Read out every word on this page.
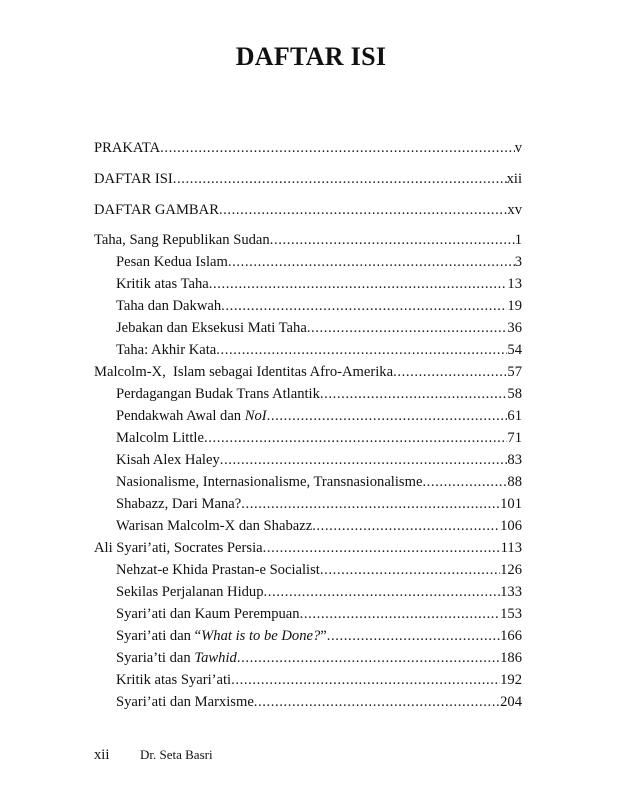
DAFTAR ISI
PRAKATA .....	v
DAFTAR ISI .....	xii
DAFTAR GAMBAR .....	xv
Taha, Sang Republikan Sudan .....	1
Pesan Kedua Islam .....	3
Kritik atas Taha .....	13
Taha dan Dakwah .....	19
Jebakan dan Eksekusi Mati Taha .....	36
Taha: Akhir Kata .....	54
Malcolm-X,  Islam sebagai Identitas Afro-Amerika .....	57
Perdagangan Budak Trans Atlantik .....	58
Pendakwah Awal dan NoI .....	61
Malcolm Little .....	71
Kisah Alex Haley .....	83
Nasionalisme, Internasionalisme, Transnasionalisme .....	88
Shabazz, Dari Mana? .....	101
Warisan Malcolm-X dan Shabazz .....	106
Ali Syari’ati, Socrates Persia .....	113
Nehzat-e Khida Prastan-e Socialist .....	126
Sekilas Perjalanan Hidup .....	133
Syari’ati dan Kaum Perempuan .....	153
Syari’ati dan “What is to be Done?” .....	166
Syaria’ti dan Tawhid .....	186
Kritik atas Syari’ati .....	192
Syari’ati dan Marxisme .....	204
xii	Dr. Seta Basri
